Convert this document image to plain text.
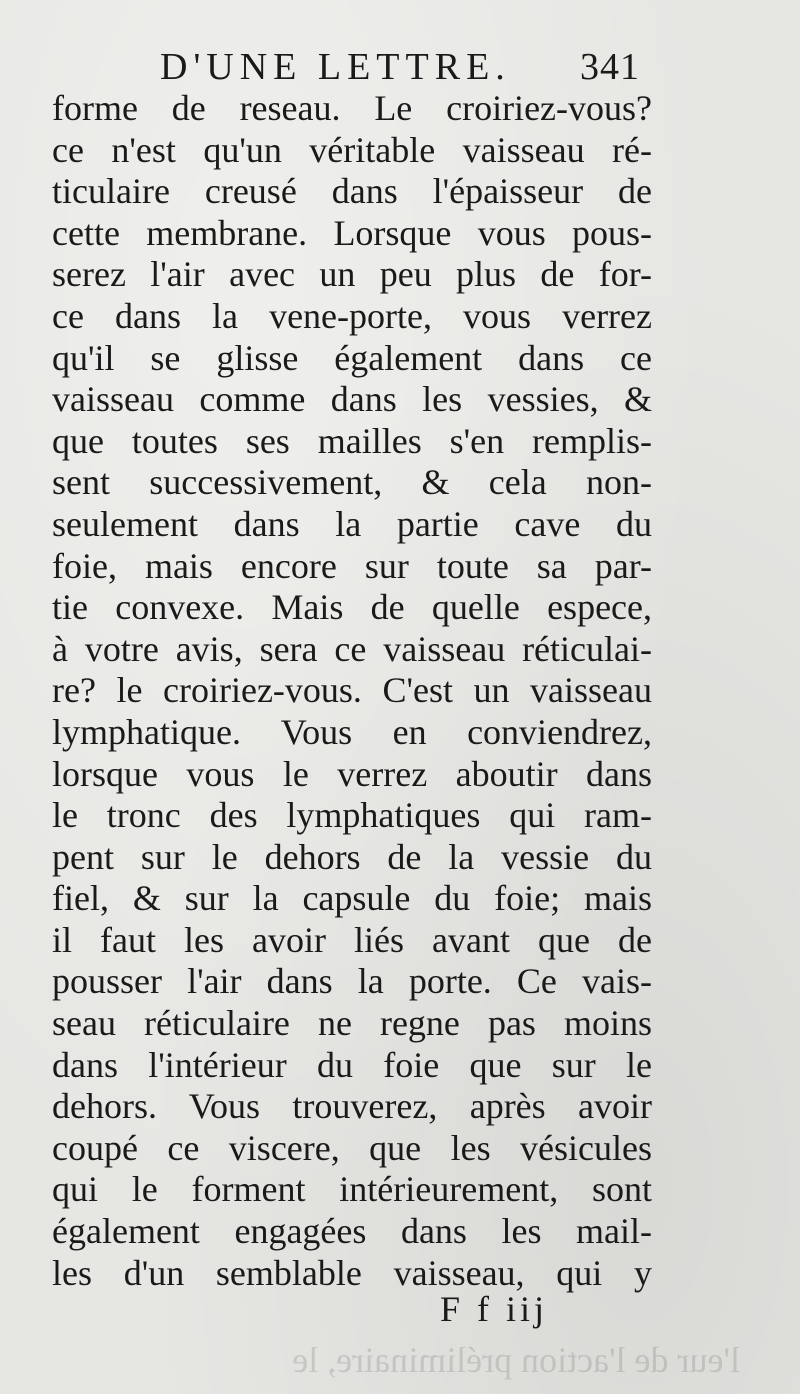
D'UNE LETTRE. 341
forme de reseau. Le croiriez-vous?
ce n'est qu'un véritable vaisseau ré-
ticulaire creusé dans l'épaisseur de
cette membrane. Lorsque vous pous-
serez l'air avec un peu plus de for-
ce dans la vene-porte, vous verrez
qu'il se glisse également dans ce
vaisseau comme dans les vessies, &
que toutes ses mailles s'en remplis-
sent successivement, & cela non-
seulement dans la partie cave du
foie, mais encore sur toute sa par-
tie convexe. Mais de quelle espece,
à votre avis, sera ce vaisseau réticulai-
re? le croiriez-vous. C'est un vaisseau
lymphatique. Vous en conviendrez,
lorsque vous le verrez aboutir dans
le tronc des lymphatiques qui ram-
pent sur le dehors de la vessie du
fiel, & sur la capsule du foie; mais
il faut les avoir liés avant que de
pousser l'air dans la porte. Ce vais-
seau réticulaire ne regne pas moins
dans l'intérieur du foie que sur le
dehors. Vous trouverez, après avoir
coupé ce viscere, que les vésicules
qui le forment intérieurement, sont
également engagées dans les mail-
les d'un semblable vaisseau, qui y
F f iij
l'eur de l'action préliminaire, le
